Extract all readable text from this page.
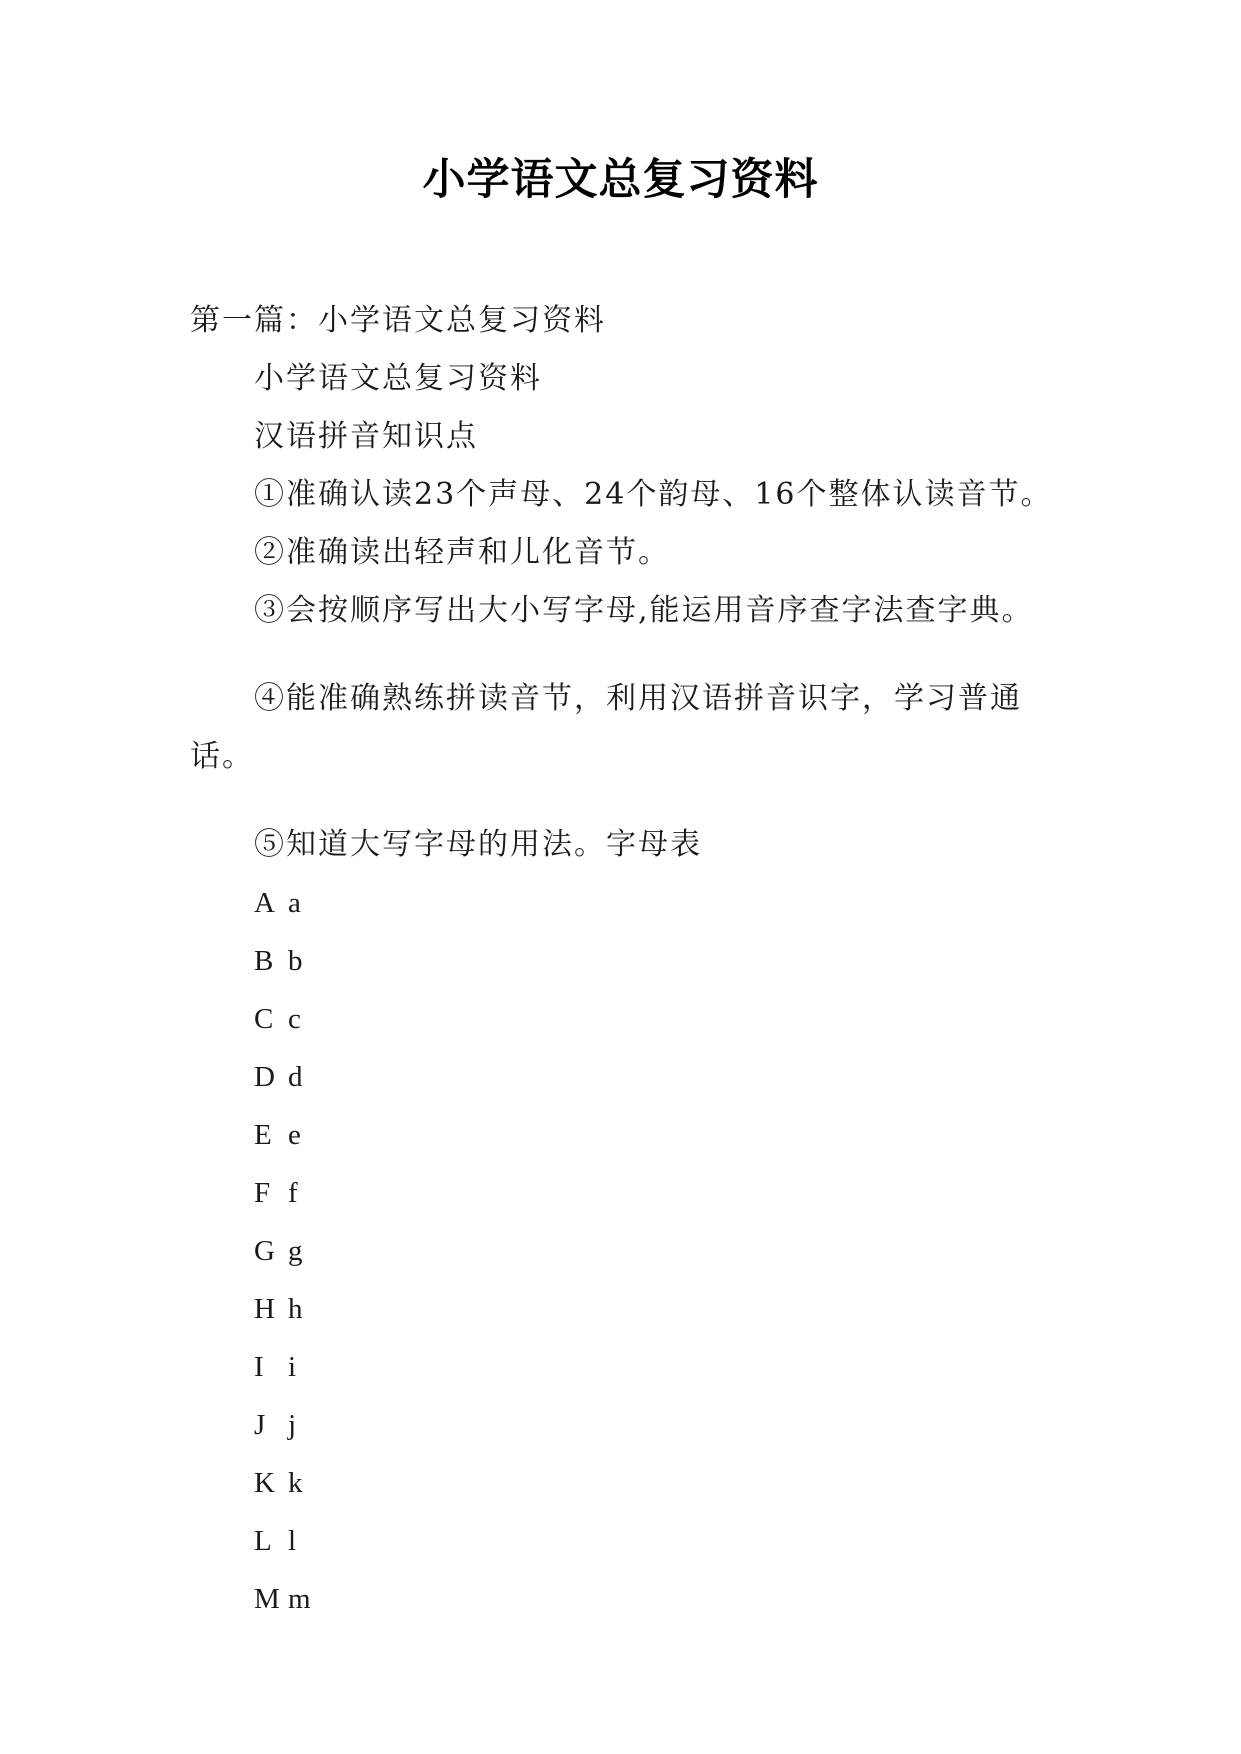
小学语文总复习资料

第一篇：小学语文总复习资料

小学语文总复习资料

汉语拼音知识点

①准确认读23个声母、24个韵母、16个整体认读音节。

②准确读出轻声和儿化音节。

③会按顺序写出大小写字母,能运用音序查字法查字典。

④能准确熟练拼读音节，利用汉语拼音识字，学习普通话。

⑤知道大写字母的用法。字母表

A a
B b
C c
D d
E e
F f
G g
H h
I i
J j
K k
L l
M m
